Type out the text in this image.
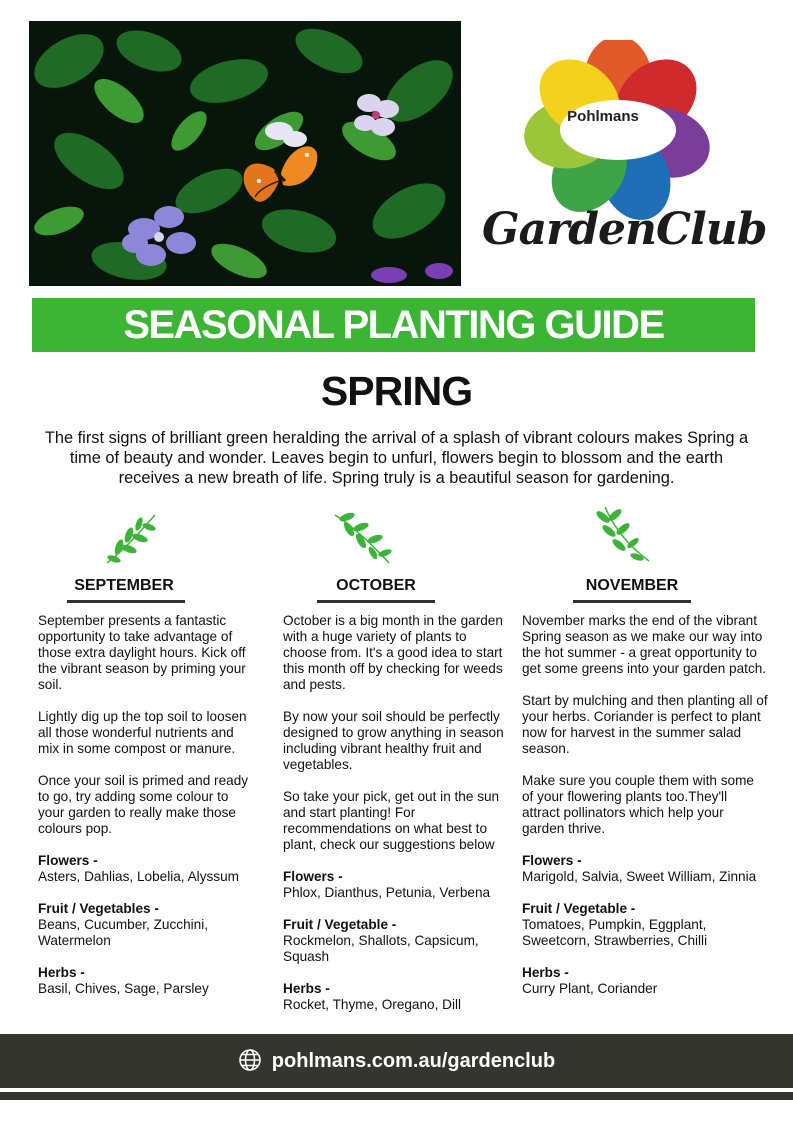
Pohlmans
GardenClub
SEASONAL PLANTING GUIDE
SPRING
The first signs of brilliant green heralding the arrival of a splash of vibrant colours makes Spring a time of beauty and wonder. Leaves begin to unfurl, flowers begin to blossom and the earth receives a new breath of life. Spring truly is a beautiful season for gardening.
SEPTEMBER	OCTOBER	NOVEMBER

September presents a fantastic opportunity to take advantage of those extra daylight hours. Kick off the vibrant season by priming your soil.

Lightly dig up the top soil to loosen all those wonderful nutrients and mix in some compost or manure.

Once your soil is primed and ready to go, try adding some colour to your garden to really make those colours pop.

Flowers -
Asters, Dahlias, Lobelia, Alyssum

Fruit / Vegetables -
Beans, Cucumber, Zucchini, Watermelon

Herbs -
Basil, Chives, Sage, Parsley

October is a big month in the garden with a huge variety of plants to choose from. It's a good idea to start this month off by checking for weeds and pests.

By now your soil should be perfectly designed to grow anything in season including vibrant healthy fruit and vegetables.

So take your pick, get out in the sun and start planting! For recommendations on what best to plant, check our suggestions below

Flowers -
Phlox, Dianthus, Petunia, Verbena

Fruit / Vegetable -
Rockmelon, Shallots, Capsicum, Squash

Herbs -
Rocket, Thyme, Oregano, Dill

November marks the end of the vibrant Spring season as we make our way into the hot summer - a great opportunity to get some greens into your garden patch.

Start by mulching and then planting all of your herbs. Coriander is perfect to plant now for harvest in the summer salad season.

Make sure you couple them with some of your flowering plants too.They'll attract pollinators which help your garden thrive.

Flowers -
Marigold, Salvia, Sweet William, Zinnia

Fruit / Vegetable -
Tomatoes, Pumpkin, Eggplant, Sweetcorn, Strawberries, Chilli

Herbs -
Curry Plant, Coriander

pohlmans.com.au/gardenclub
